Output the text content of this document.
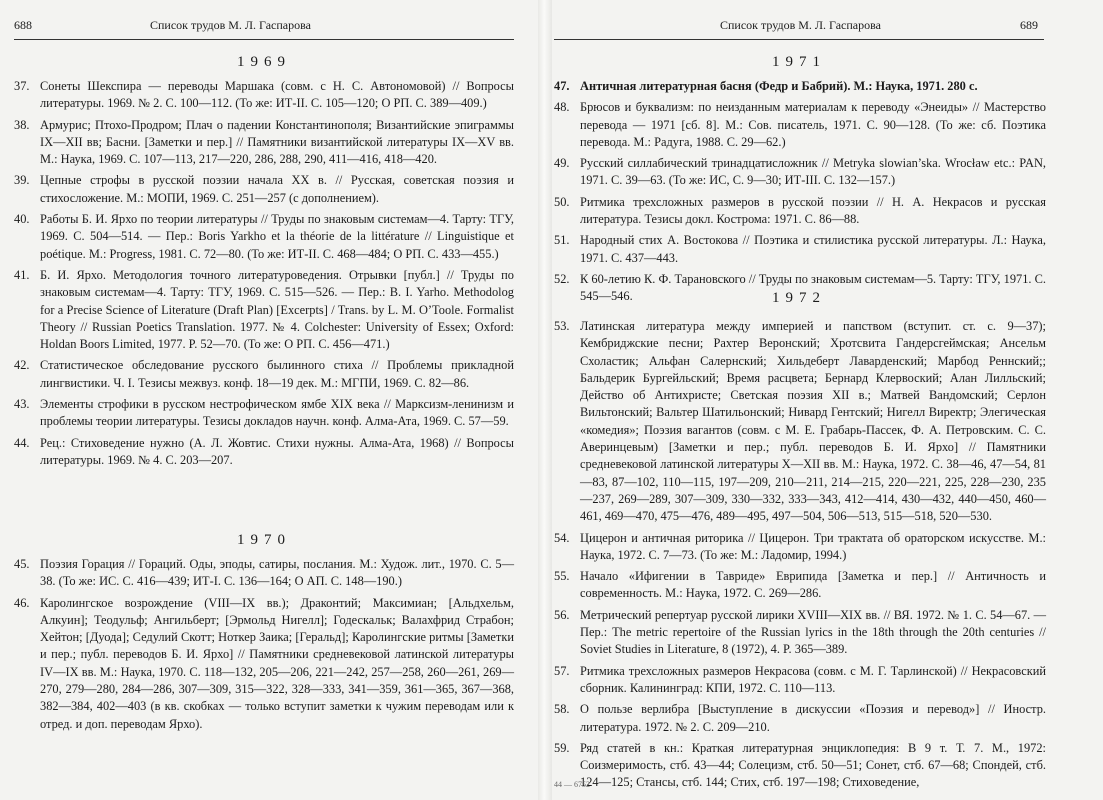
688	Список трудов М. Л. Гаспарова
1969
37. Сонеты Шекспира — переводы Маршака (совм. с Н. С. Автономовой) // Вопросы литературы. 1969. № 2. С. 100—112. (То же: ИТ-II. С. 105—120; О РП. С. 389—409.)
38. Армурис; Птохо-Продром; Плач о падении Константинополя; Византийские эпиграммы IX—XII вв; Басни. [Заметки и пер.] // Памятники византийской литературы IX—XV вв. М.: Наука, 1969. С. 107—113, 217—220, 286, 288, 290, 411—416, 418—420.
39. Цепные строфы в русской поэзии начала XX в. // Русская, советская поэзия и стихосложение. М.: МОПИ, 1969. С. 251—257 (с дополнением).
40. Работы Б. И. Ярхо по теории литературы // Труды по знаковым системам—4. Тарту: ТГУ, 1969. С. 504—514. — Пер.: Boris Yarkho et la théorie de la littérature // Linguistique et poétique. M.: Progress, 1981. C. 72—80. (То же: ИТ-II. С. 468—484; О РП. С. 433—455.)
41. Б. И. Ярхо. Методология точного литературоведения. Отрывки [публ.] // Труды по знаковым системам—4. Тарту: ТГУ, 1969. С. 515—526. — Пер.: B. I. Yarho. Methodolog for a Precise Science of Literature (Draft Plan) [Excerpts] / Trans. by L. M. O’Toole. Formalist Theory // Russian Poetics Translation. 1977. № 4. Colchester: University of Essex; Oxford: Holdan Boors Limited, 1977. P. 52—70. (То же: О РП. С. 456—471.)
42. Статистическое обследование русского былинного стиха // Проблемы прикладной лингвистики. Ч. I. Тезисы межвуз. конф. 18—19 дек. М.: МГПИ, 1969. С. 82—86.
43. Элементы строфики в русском нестрофическом ямбе XIX века // Марксизм-ленинизм и проблемы теории литературы. Тезисы докладов научн. конф. Алма-Ата, 1969. С. 57—59.
44. Рец.: Стиховедение нужно (А. Л. Жовтис. Стихи нужны. Алма-Ата, 1968) // Вопросы литературы. 1969. № 4. С. 203—207.
1970
45. Поэзия Горация // Гораций. Оды, эподы, сатиры, послания. М.: Худож. лит., 1970. С. 5—38. (То же: ИС. С. 416—439; ИТ-I. С. 136—164; О АП. С. 148—190.)
46. Каролингское возрождение (VIII—IX вв.); Драконтий; Максимиан; [Альдхельм, Алкуин]; Теодульф; Ангильберт; [Эрмольд Нигелл]; Годескальк; Валахфрид Страбон; Хейтон; [Дуода]; Седулий Скотт; Ноткер Заика; [Геральд]; Каролингские ритмы [Заметки и пер.; публ. переводов Б. И. Ярхо] // Памятники средневековой латинской литературы IV—IX вв. М.: Наука, 1970. С. 118—132, 205—206, 221—242, 257—258, 260—261, 269—270, 279—280, 284—286, 307—309, 315—322, 328—333, 341—359, 361—365, 367—368, 382—384, 402—403 (в кв. скобках — только вступит заметки к чужим переводам или к отред. и доп. переводам Ярхо).
Список трудов М. Л. Гаспарова	689
1971
47. Античная литературная басня (Федр и Бабрий). М.: Наука, 1971. 280 с.
48. Брюсов и буквализм: по неизданным материалам к переводу «Энеиды» // Мастерство перевода — 1971 [сб. 8]. М.: Сов. писатель, 1971. С. 90—128. (То же: сб. Поэтика перевода. М.: Радуга, 1988. С. 29—62.)
49. Русский силлабический тринадцатисложник // Metryka slowian’ska. Wrocław etc.: PAN, 1971. С. 39—63. (То же: ИС, С. 9—30; ИТ-III. С. 132—157.)
50. Ритмика трехсложных размеров в русской поэзии // Н. А. Некрасов и русская литература. Тезисы докл. Кострома: 1971. С. 86—88.
51. Народный стих А. Востокова // Поэтика и стилистика русской литературы. Л.: Наука, 1971. С. 437—443.
52. К 60-летию К. Ф. Тарановского // Труды по знаковым системам—5. Тарту: ТГУ, 1971. С. 545—546.	1972
53. Латинская литература между империей и папством (вступит. ст. с. 9—37); Кембриджские песни; Рахтер Веронский; Хротсвита Гандерсгеймская; Ансельм Схоластик; Альфан Салернский; Хильдеберт Лаварденский; Марбод Реннский;; Бальдерик Бургейльский; Время расцвета; Бернард Клервоский; Алан Лилльский; Действо об Антихристе; Светская поэзия XII в.; Матвей Вандомский; Серлон Вильтонский; Вальтер Шатильонский; Нивард Гентский; Нигелл Виректр; Элегическая «комедия»; Поэзия вагантов (совм. с М. Е. Грабарь-Пассек, Ф. А. Петровским. С. С. Аверинцевым) [Заметки и пер.; публ. переводов Б. И. Ярхо] // Памятники средневековой латинской литературы X—XII вв. М.: Наука, 1972. С. 38—46, 47—54, 81—83, 87—102, 110—115, 197—209, 210—211, 214—215, 220—221, 225, 228—230, 235—237, 269—289, 307—309, 330—332, 333—343, 412—414, 430—432, 440—450, 460—461, 469—470, 475—476, 489—495, 497—504, 506—513, 515—518, 520—530.
54. Цицерон и античная риторика // Цицерон. Три трактата об ораторском искусстве. М.: Наука, 1972. С. 7—73. (То же: М.: Ладомир, 1994.)
55. Начало «Ифигении в Тавриде» Еврипида [Заметка и пер.] // Античность и современность. М.: Наука, 1972. С. 269—286.
56. Метрический репертуар русской лирики XVIII—XIX вв. // ВЯ. 1972. № 1. С. 54—67. — Пер.: The metric repertoire of the Russian lyrics in the 18th through the 20th centuries // Soviet Studies in Literature, 8 (1972), 4. P. 365—389.
57. Ритмика трехсложных размеров Некрасова (совм. с М. Г. Тарлинской) // Некрасовский сборник. Калининград: КПИ, 1972. С. 110—113.
58. О пользе верлибра [Выступление в дискуссии «Поэзия и перевод»] // Иностр. литература. 1972. № 2. С. 209—210.
59. Ряд статей в кн.: Краткая литературная энциклопедия: В 9 т. Т. 7. М., 1972: Соизмеримость, стб. 43—44; Солецизм, стб. 50—51; Сонет, стб. 67—68; Спондей, стб. 124—125; Стансы, стб. 144; Стих, стб. 197—198; Стиховедение,
44 — 6752
